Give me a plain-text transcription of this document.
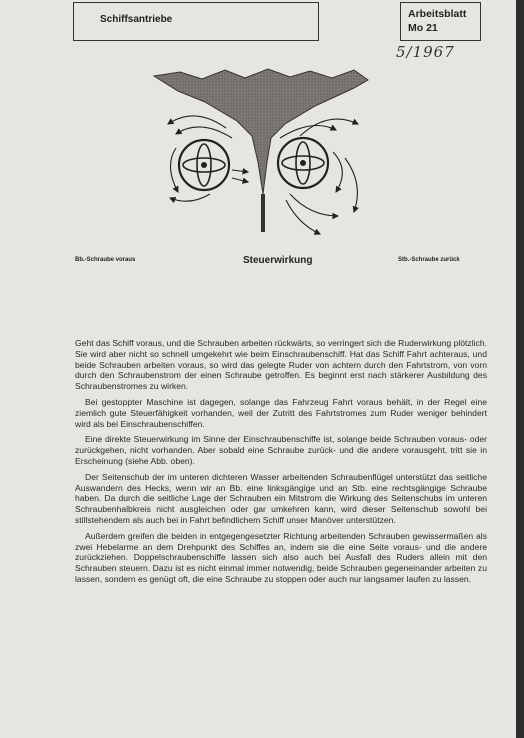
Schiffsantriebe	Arbeitsblatt
Mo 21
5/1967
Bb.-Schraube voraus	Steuerwirkung	Stb.-Schraube zurück

Geht das Schiff voraus, und die Schrauben arbeiten rückwärts, so verringert sich die Ruderwirkung plötzlich. Sie wird aber nicht so schnell umgekehrt wie beim Einschraubenschiff. Hat das Schiff Fahrt achteraus, und beide Schrauben arbeiten voraus, so wird das gelegte Ruder von achtern durch den Fahrtstrom, von vorn durch den Schraubenstrom der einen Schraube getroffen. Es beginnt erst nach stärkerer Ausbildung des Schraubenstromes zu wirken.

Bei gestoppter Maschine ist dagegen, solange das Fahrzeug Fahrt voraus behält, in der Regel eine ziemlich gute Steuerfähigkeit vorhanden, weil der Zutritt des Fahrtstromes zum Ruder weniger behindert wird als bei Einschraubenschiffen.

Eine direkte Steuerwirkung im Sinne der Einschraubenschiffe ist, solange beide Schrauben voraus- oder zurückgehen, nicht vorhanden. Aber sobald eine Schraube zurück- und die andere vorausgeht, tritt sie in Erscheinung (siehe Abb. oben).

Der Seitenschub der im unteren dichteren Wasser arbeitenden Schraubenflügel unterstützt das seitliche Auswandern des Hecks, wenn wir an Bb. eine linksgängige und an Stb. eine rechtsgängige Schraube haben. Da durch die seitliche Lage der Schrauben ein Mitstrom die Wirkung des Seitenschubs im unteren Schraubenhalbkreis nicht ausgleichen oder gar umkehren kann, wird dieser Seitenschub sowohl bei stillstehendem als auch bei in Fahrt befindlichem Schiff unser Manöver unterstützen.

Außerdem greifen die beiden in entgegengesetzter Richtung arbeitenden Schrauben gewissermaßen als zwei Hebelarme an dem Drehpunkt des Schiffes an, indem sie die eine Seite voraus- und die andere zurückziehen. Doppelschraubenschiffe lassen sich also auch bei Ausfall des Ruders allein mit den Schrauben steuern. Dazu ist es nicht einmal immer notwendig, beide Schrauben gegeneinander arbeiten zu lassen, sondern es genügt oft, die eine Schraube zu stoppen oder auch nur langsamer laufen zu lassen.
